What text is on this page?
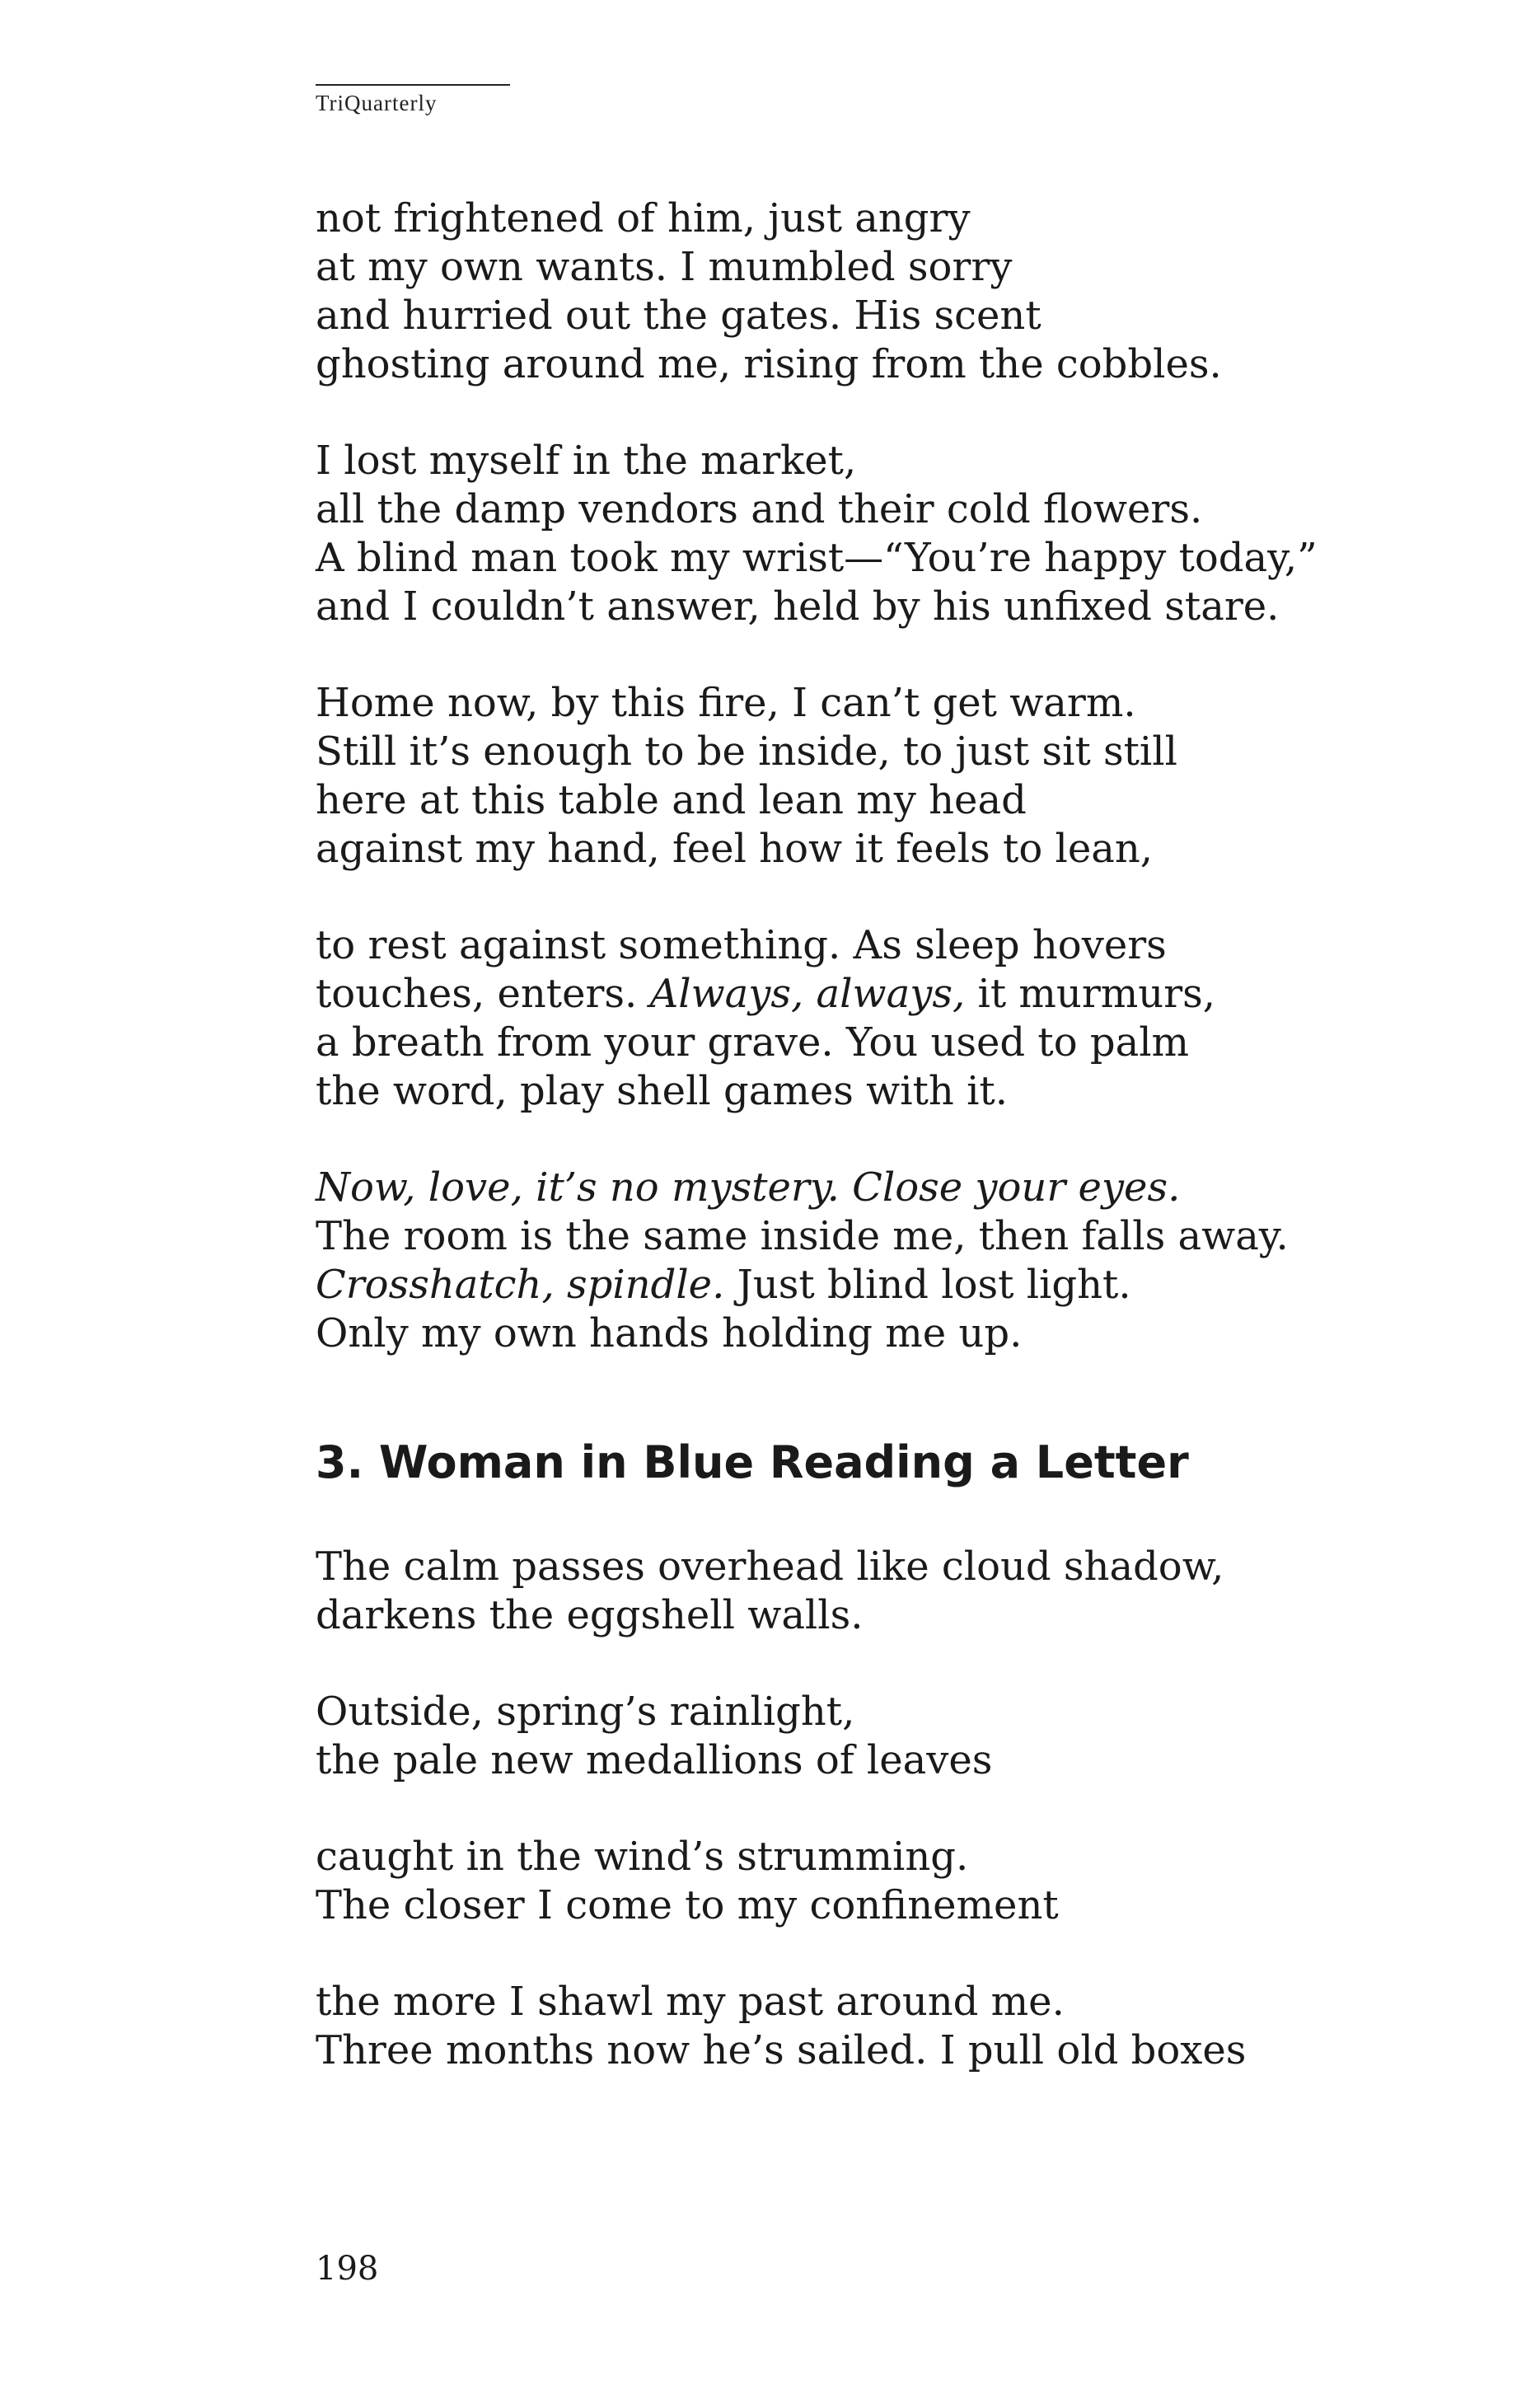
TriQuarterly
not frightened of him, just angry
at my own wants. I mumbled sorry
and hurried out the gates. His scent
ghosting around me, rising from the cobbles.
I lost myself in the market,
all the damp vendors and their cold flowers.
A blind man took my wrist—“You’re happy today,”
and I couldn’t answer, held by his unfixed stare.
Home now, by this fire, I can’t get warm.
Still it’s enough to be inside, to just sit still
here at this table and lean my head
against my hand, feel how it feels to lean,
to rest against something. As sleep hovers
touches, enters. Always, always, it murmurs,
a breath from your grave. You used to palm
the word, play shell games with it.
Now, love, it’s no mystery. Close your eyes.
The room is the same inside me, then falls away.
Crosshatch, spindle. Just blind lost light.
Only my own hands holding me up.
3. Woman in Blue Reading a Letter
The calm passes overhead like cloud shadow,
darkens the eggshell walls.
Outside, spring’s rainlight,
the pale new medallions of leaves
caught in the wind’s strumming.
The closer I come to my confinement
the more I shawl my past around me.
Three months now he’s sailed. I pull old boxes
198
